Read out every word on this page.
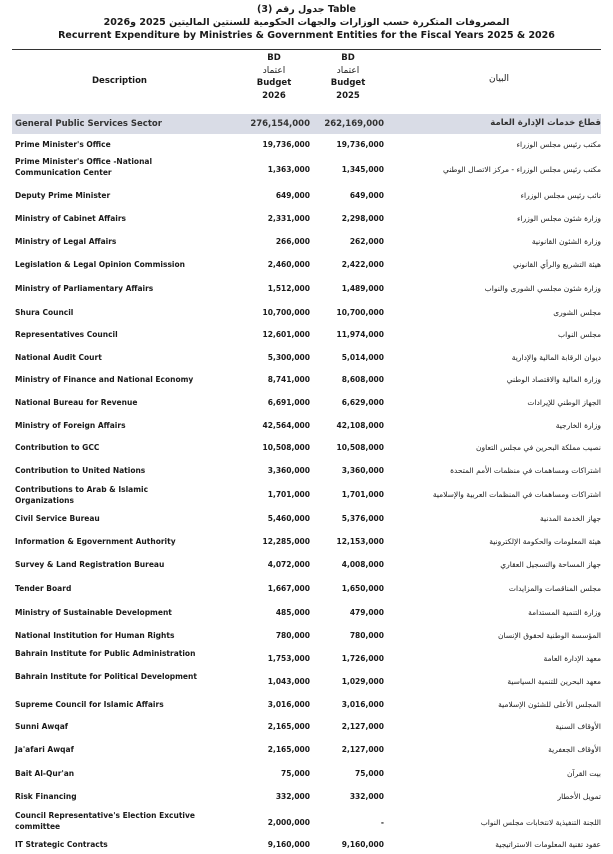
جدول رقم (3) Table
المصروفات المتكررة حسب الوزارات والجهات الحكومية للسنتين الماليتين 2025 و2026
Recurrent Expenditure by Ministries & Government Entities for the Fiscal Years 2025 & 2026
Description
BD
اعتماد
Budget
2026
BD
اعتماد
Budget
2025
البيان
General Public Services Sector	276,154,000	262,169,000	قطاع خدمات الإدارة العامة
Prime Minister's Office	19,736,000	19,736,000	مكتب رئيس مجلس الوزراء
Prime Minister's Office -National Communication Center	1,363,000	1,345,000	مكتب رئيس مجلس الوزراء - مركز الاتصال الوطني
Deputy Prime Minister	649,000	649,000	نائب رئيس مجلس الوزراء
Ministry of Cabinet Affairs	2,331,000	2,298,000	وزارة شئون مجلس الوزراء
Ministry of Legal Affairs	266,000	262,000	وزارة الشئون القانونية
Legislation & Legal Opinion Commission	2,460,000	2,422,000	هيئة التشريع والرأي القانوني
Ministry of Parliamentary Affairs	1,512,000	1,489,000	وزارة شئون مجلسي الشورى والنواب
Shura Council	10,700,000	10,700,000	مجلس الشورى
Representatives Council	12,601,000	11,974,000	مجلس النواب
National Audit Court	5,300,000	5,014,000	ديوان الرقابة المالية والإدارية
Ministry of Finance and National Economy	8,741,000	8,608,000	وزارة المالية والاقتصاد الوطني
National Bureau for Revenue	6,691,000	6,629,000	الجهاز الوطني للإيرادات
Ministry of Foreign Affairs	42,564,000	42,108,000	وزارة الخارجية
Contribution to GCC	10,508,000	10,508,000	نصيب مملكة البحرين في مجلس التعاون
Contribution to United Nations	3,360,000	3,360,000	اشتراكات ومساهمات في منظمات الأمم المتحدة
Contributions to Arab & Islamic Organizations
1,701,000	1,701,000	اشتراكات ومساهمات في المنظمات العربية والإسلامية
Civil Service Bureau	5,460,000	5,376,000	جهاز الخدمة المدنية
Information & Egovernment Authority	12,285,000	12,153,000	هيئة المعلومات والحكومة الإلكترونية
Survey & Land Registration Bureau	4,072,000	4,008,000	جهاز المساحة والتسجيل العقاري
Tender Board	1,667,000	1,650,000	مجلس المناقصات والمزايدات
Ministry of Sustainable Development	485,000	479,000	وزارة التنمية المستدامة
National Institution for Human Rights	780,000	780,000	المؤسسة الوطنية لحقوق الإنسان
Bahrain Institute for Public Administration
1,753,000	1,726,000	معهد الإدارة العامة
Bahrain Institute for Political Development
1,043,000	1,029,000	معهد البحرين للتنمية السياسية
Supreme Council for Islamic Affairs	3,016,000	3,016,000	المجلس الأعلى للشئون الإسلامية
Sunni Awqaf	2,165,000	2,127,000	الأوقاف السنية
Ja'afari Awqaf	2,165,000	2,127,000	الأوقاف الجعفرية
Bait Al-Qur'an	75,000	75,000	بيت القرآن
Risk Financing	332,000	332,000	تمويل الأخطار
Council Representative's Election Excutive committee	2,000,000	-	اللجنة التنفيذية لانتخابات مجلس النواب
IT Strategic Contracts	9,160,000	9,160,000	عقود تقنية المعلومات الاستراتيجية
